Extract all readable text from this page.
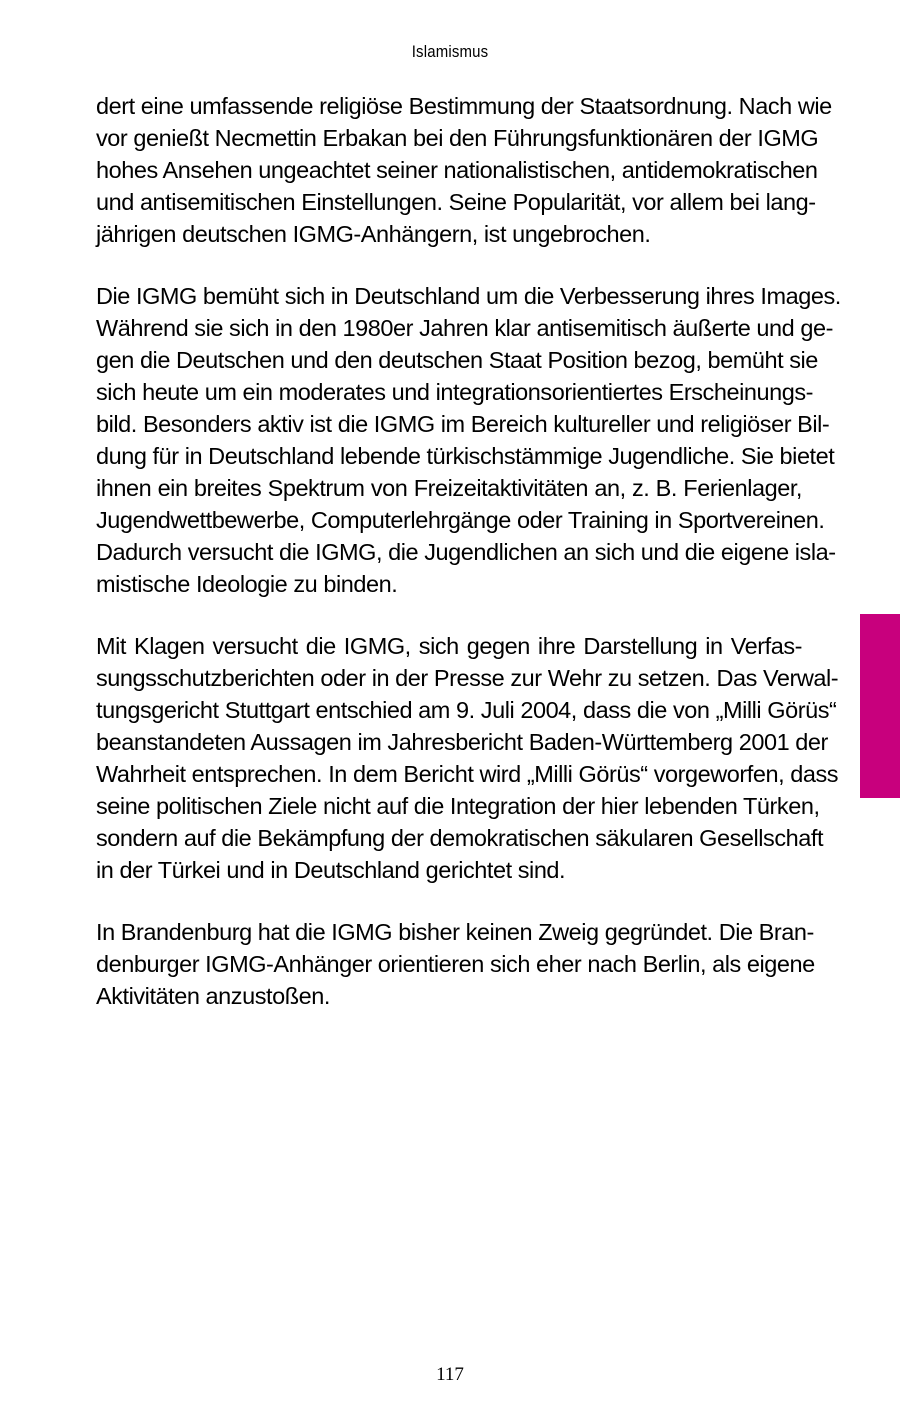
Islamismus
dert eine umfassende religiöse Bestimmung der Staatsordnung. Nach wie
vor genießt Necmettin Erbakan bei den Führungsfunktionären der IGMG
hohes Ansehen ungeachtet seiner nationalistischen, antidemokratischen
und antisemitischen Einstellungen. Seine Popularität, vor allem bei lang-
jährigen deutschen IGMG-Anhängern, ist ungebrochen.
Die IGMG bemüht sich in Deutschland um die Verbesserung ihres Images.
Während sie sich in den 1980er Jahren klar antisemitisch äußerte und ge-
gen die Deutschen und den deutschen Staat Position bezog, bemüht sie
sich heute um ein moderates und integrationsorientiertes Erscheinungs-
bild. Besonders aktiv ist die IGMG im Bereich kultureller und religiöser Bil-
dung für in Deutschland lebende türkischstämmige Jugendliche. Sie bietet
ihnen ein breites Spektrum von Freizeitaktivitäten an, z. B. Ferienlager,
Jugendwettbewerbe, Computerlehrgänge oder Training in Sportvereinen.
Dadurch versucht die IGMG, die Jugendlichen an sich und die eigene isla-
mistische Ideologie zu binden.
Mit Klagen versucht die IGMG, sich gegen ihre Darstellung in Verfas-
sungsschutzberichten oder in der Presse zur Wehr zu setzen. Das Verwal-
tungsgericht Stuttgart entschied am 9. Juli 2004, dass die von „Milli Görüs“
beanstandeten Aussagen im Jahresbericht Baden-Württemberg 2001 der
Wahrheit entsprechen. In dem Bericht wird „Milli Görüs“ vorgeworfen, dass
seine politischen Ziele nicht auf die Integration der hier lebenden Türken,
sondern auf die Bekämpfung der demokratischen säkularen Gesellschaft
in der Türkei und in Deutschland gerichtet sind.
In Brandenburg hat die IGMG bisher keinen Zweig gegründet. Die Bran-
denburger IGMG-Anhänger orientieren sich eher nach Berlin, als eigene
Aktivitäten anzustoßen.
117
